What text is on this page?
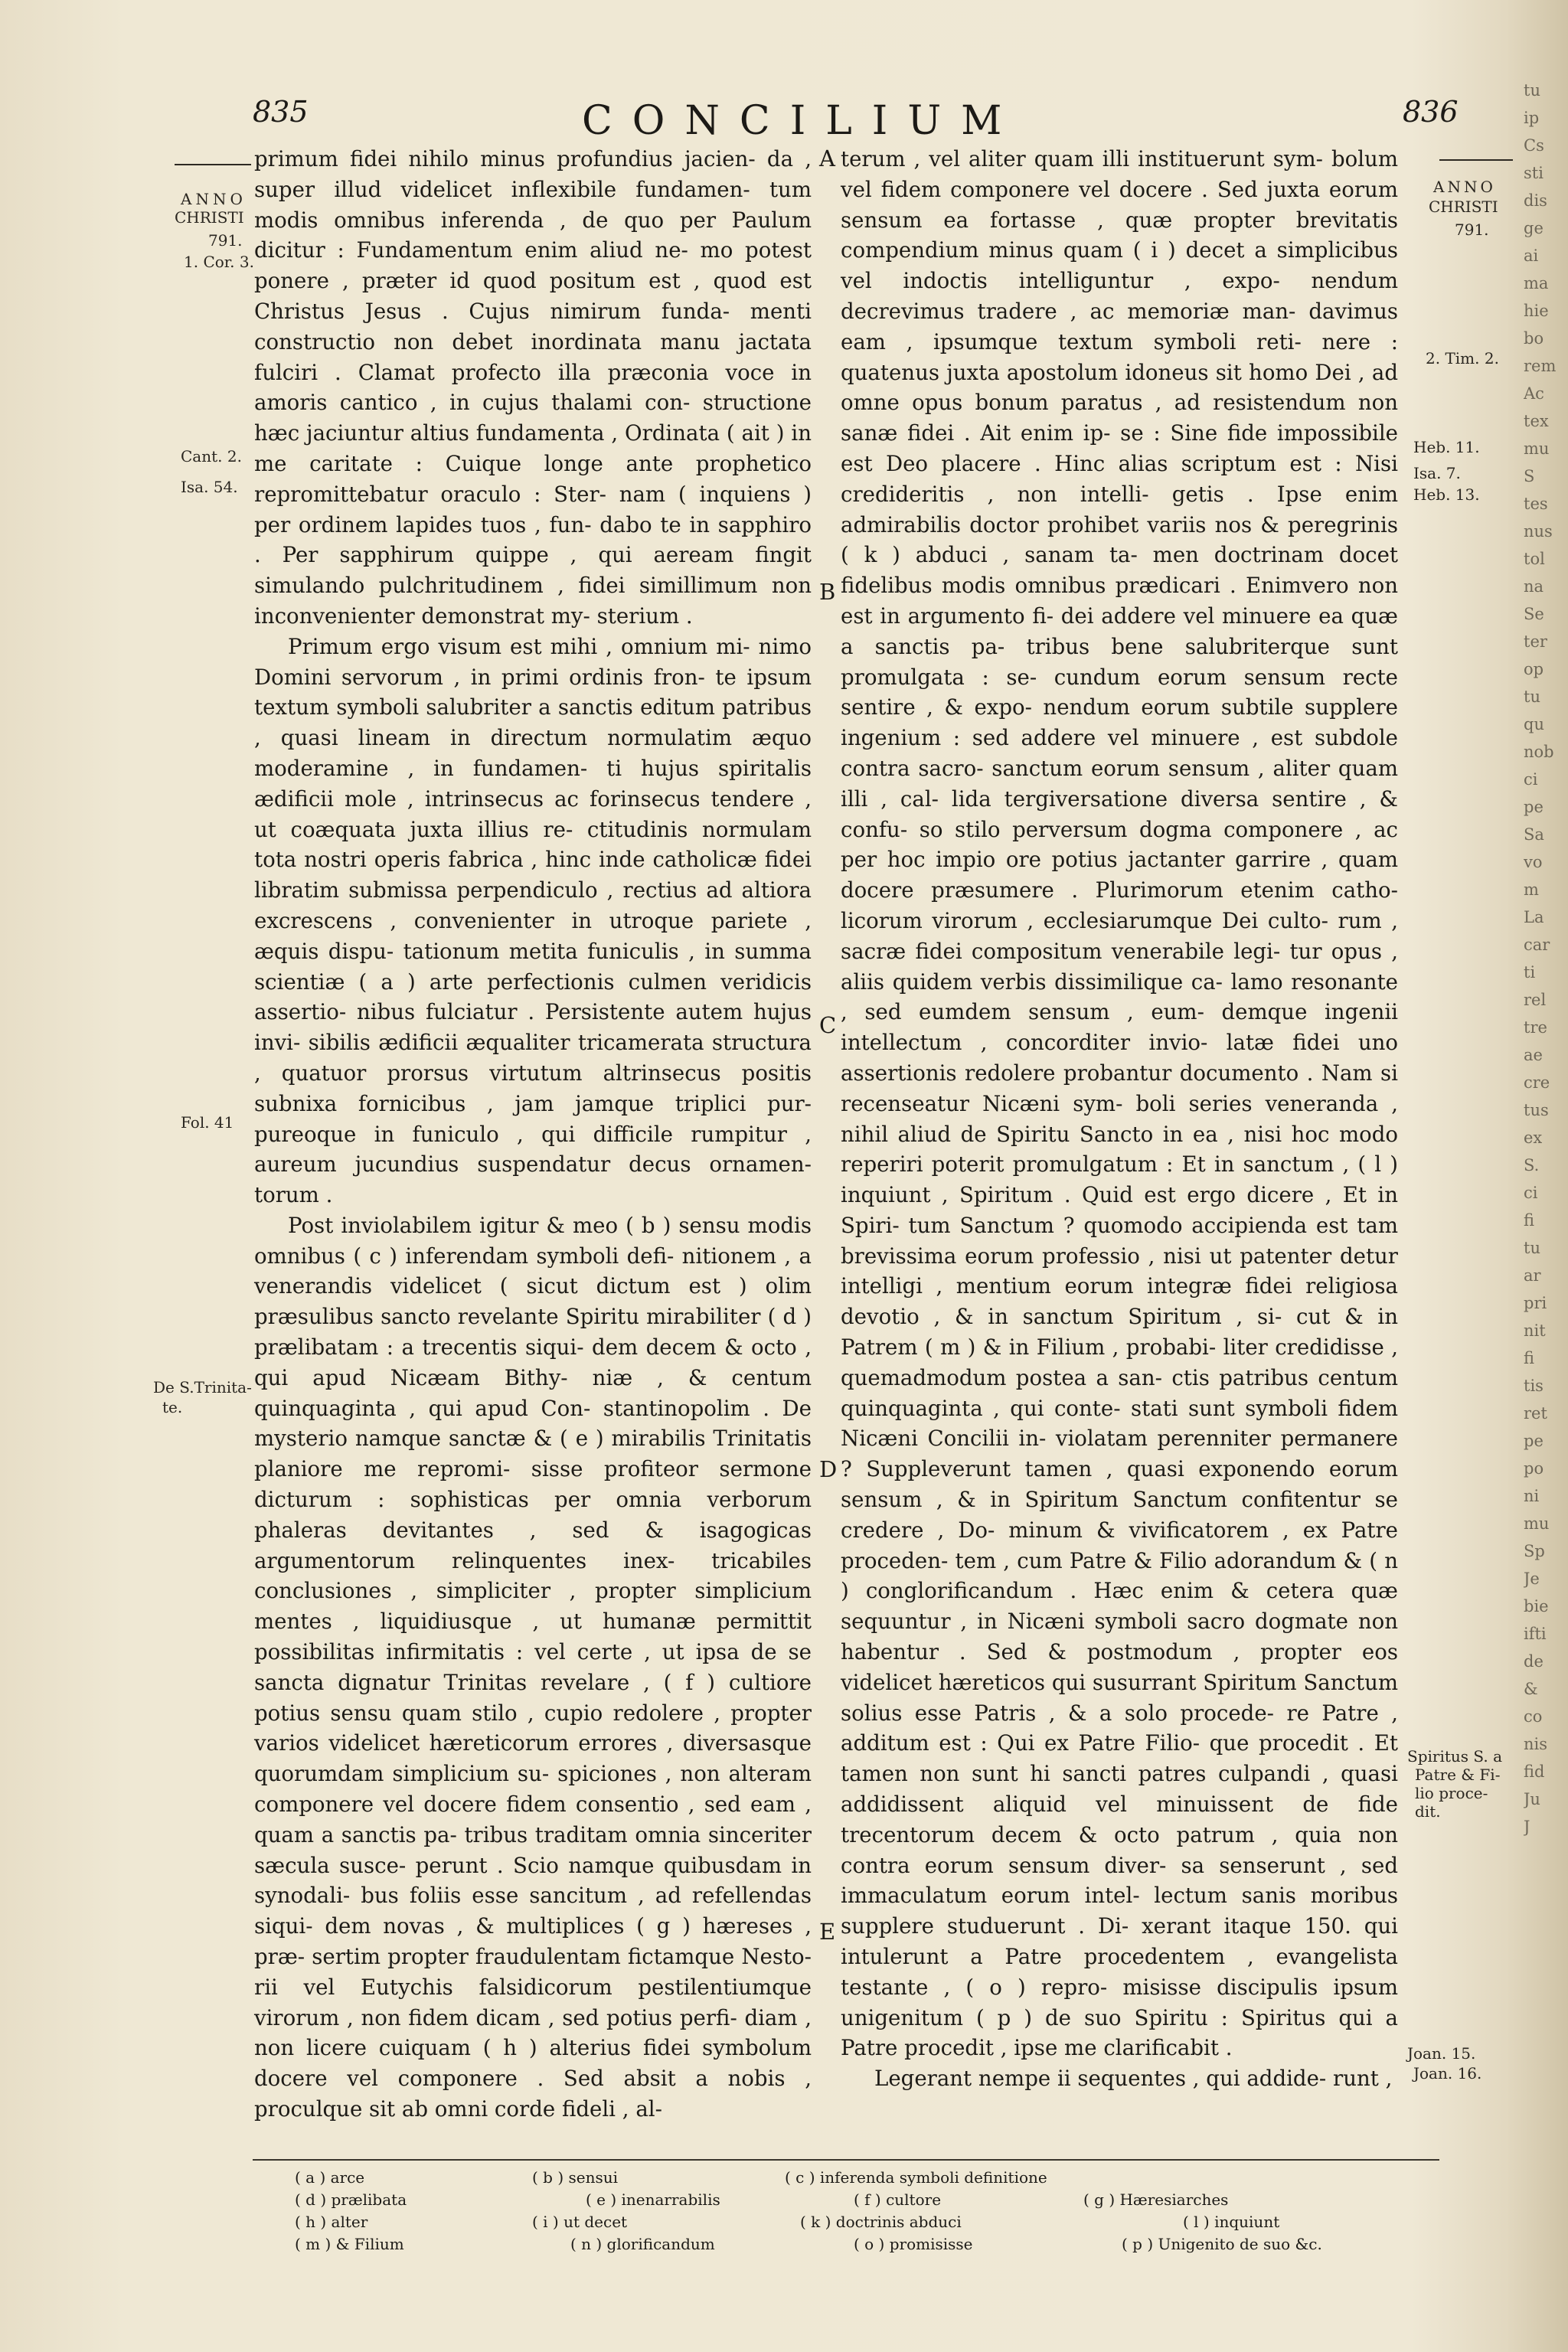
tu
ip
Cs
sti
dis
ge
ai
ma
hie
bo
rem
Ac
tex
mu
S
tes
nus
tol
na
Se
ter
op
tu
qu
nob
ci
pe
Sa
vo
m
La
car
ti
rel
tre
ae
cre
tus
ex
S.
ci
fi
tu
ar
pri
nit
fi
tis
ret
pe
po
ni
mu
Sp
Je
bie
ifti
de
&
co
nis
fid
Ju
J
835	CONCILIUM	836
ANNO
CHRISTI
791.
1. Cor. 3.
Cant. 2.
Isa. 54.
Fol. 41
De S.Trinita-
te.
ANNO
CHRISTI
791.
2. Tim. 2.
Heb. 11.
Isa. 7.
Heb. 13.
Joan. 15.
Joan. 16.
Spiritus S. a
Patre & Fi-
lio proce-
dit.
A
B
C
D
E

primum fidei nihilo minus profundius jacien- da , super illud videlicet inflexibile fundamen- tum modis omnibus inferenda , de quo per Paulum dicitur : Fundamentum enim aliud ne- mo potest ponere , præter id quod positum est , quod est Christus Jesus . Cujus nimirum funda- menti constructio non debet inordinata manu jactata fulciri . Clamat profecto illa præconia voce in amoris cantico , in cujus thalami con- structione hæc jaciuntur altius fundamenta , Ordinata ( ait ) in me caritate : Cuique longe ante prophetico repromittebatur oraculo : Ster- nam ( inquiens ) per ordinem lapides tuos , fun- dabo te in sapphiro . Per sapphirum quippe , qui aeream fingit simulando pulchritudinem , fidei simillimum non inconvenienter demonstrat my- sterium .

Primum ergo visum est mihi , omnium mi- nimo Domini servorum , in primi ordinis fron- te ipsum textum symboli salubriter a sanctis editum patribus , quasi lineam in directum normulatim æquo moderamine , in fundamen- ti hujus spiritalis ædificii mole , intrinsecus ac forinsecus tendere , ut coæquata juxta illius re- ctitudinis normulam tota nostri operis fabrica , hinc inde catholicæ fidei libratim submissa perpendiculo , rectius ad altiora excrescens , convenienter in utroque pariete , æquis dispu- tationum metita funiculis , in summa scientiæ ( a ) arte perfectionis culmen veridicis assertio- nibus fulciatur . Persistente autem hujus invi- sibilis ædificii æqualiter tricamerata structura , quatuor prorsus virtutum altrinsecus positis subnixa fornicibus , jam jamque triplici pur- pureoque in funiculo , qui difficile rumpitur , aureum jucundius suspendatur decus ornamen- torum .

Post inviolabilem igitur & meo ( b ) sensu modis omnibus ( c ) inferendam symboli defi- nitionem , a venerandis videlicet ( sicut dictum est ) olim præsulibus sancto revelante Spiritu mirabiliter ( d ) prælibatam : a trecentis siqui- dem decem & octo , qui apud Nicæam Bithy- niæ , & centum quinquaginta , qui apud Con- stantinopolim . De mysterio namque sanctæ & ( e ) mirabilis Trinitatis planiore me repromi- sisse profiteor sermone dicturum : sophisticas per omnia verborum phaleras devitantes , sed & isagogicas argumentorum relinquentes inex- tricabiles conclusiones , simpliciter , propter simplicium mentes , liquidiusque , ut humanæ permittit possibilitas infirmitatis : vel certe , ut ipsa de se sancta dignatur Trinitas revelare , ( f ) cultiore potius sensu quam stilo , cupio redolere , propter varios videlicet hæreticorum errores , diversasque quorumdam simplicium su- spiciones , non alteram componere vel docere fidem consentio , sed eam , quam a sanctis pa- tribus traditam omnia sinceriter sæcula susce- perunt . Scio namque quibusdam in synodali- bus foliis esse sancitum , ad refellendas siqui- dem novas , & multiplices ( g ) hæreses , præ- sertim propter fraudulentam fictamque Nesto- rii vel Eutychis falsidicorum pestilentiumque virorum , non fidem dicam , sed potius perfi- diam , non licere cuiquam ( h ) alterius fidei symbolum docere vel componere . Sed absit a nobis , proculque sit ab omni corde fideli , al-

terum , vel aliter quam illi instituerunt sym- bolum vel fidem componere vel docere . Sed juxta eorum sensum ea fortasse , quæ propter brevitatis compendium minus quam ( i ) decet a simplicibus vel indoctis intelliguntur , expo- nendum decrevimus tradere , ac memoriæ man- davimus eam , ipsumque textum symboli reti- nere : quatenus juxta apostolum idoneus sit homo Dei , ad omne opus bonum paratus , ad resistendum non sanæ fidei . Ait enim ip- se : Sine fide impossibile est Deo placere . Hinc alias scriptum est : Nisi credideritis , non intelli- getis . Ipse enim admirabilis doctor prohibet variis nos & peregrinis ( k ) abduci , sanam ta- men doctrinam docet fidelibus modis omnibus prædicari . Enimvero non est in argumento fi- dei addere vel minuere ea quæ a sanctis pa- tribus bene salubriterque sunt promulgata : se- cundum eorum sensum recte sentire , & expo- nendum eorum subtile supplere ingenium : sed addere vel minuere , est subdole contra sacro- sanctum eorum sensum , aliter quam illi , cal- lida tergiversatione diversa sentire , & confu- so stilo perversum dogma componere , ac per hoc impio ore potius jactanter garrire , quam docere præsumere . Plurimorum etenim catho- licorum virorum , ecclesiarumque Dei culto- rum , sacræ fidei compositum venerabile legi- tur opus , aliis quidem verbis dissimilique ca- lamo resonante , sed eumdem sensum , eum- demque ingenii intellectum , concorditer invio- latæ fidei uno assertionis redolere probantur documento . Nam si recenseatur Nicæni sym- boli series veneranda , nihil aliud de Spiritu Sancto in ea , nisi hoc modo reperiri poterit promulgatum : Et in sanctum , ( l ) inquiunt , Spiritum . Quid est ergo dicere , Et in Spiri- tum Sanctum ? quomodo accipienda est tam brevissima eorum professio , nisi ut patenter detur intelligi , mentium eorum integræ fidei religiosa devotio , & in sanctum Spiritum , si- cut & in Patrem ( m ) & in Filium , probabi- liter credidisse , quemadmodum postea a san- ctis patribus centum quinquaginta , qui conte- stati sunt symboli fidem Nicæni Concilii in- violatam perenniter permanere ? Suppleverunt tamen , quasi exponendo eorum sensum , & in Spiritum Sanctum confitentur se credere , Do- minum & vivificatorem , ex Patre proceden- tem , cum Patre & Filio adorandum & ( n ) conglorificandum . Hæc enim & cetera quæ sequuntur , in Nicæni symboli sacro dogmate non habentur . Sed & postmodum , propter eos videlicet hæreticos qui susurrant Spiritum Sanctum solius esse Patris , & a solo procede- re Patre , additum est : Qui ex Patre Filio- que procedit . Et tamen non sunt hi sancti patres culpandi , quasi addidissent aliquid vel minuissent de fide trecentorum decem & octo patrum , quia non contra eorum sensum diver- sa senserunt , sed immaculatum eorum intel- lectum sanis moribus supplere studuerunt . Di- xerant itaque 150. qui intulerunt a Patre procedentem , evangelista testante , ( o ) repro- misisse discipulis ipsum unigenitum ( p ) de suo Spiritu : Spiritus qui a Patre procedit , ipse me clarificabit .

Legerant nempe ii sequentes , qui addide- runt ,

( a ) arce	( b ) sensui	( c ) inferenda symboli definitione
( d ) prælibata	( e ) inenarrabilis	( f ) cultore	( g ) Hæresiarches
( h ) alter	( i ) ut decet	( k ) doctrinis abduci	( l ) inquiunt
( m ) & Filium	( n ) glorificandum	( o ) promisisse	( p ) Unigenito de suo &c.
